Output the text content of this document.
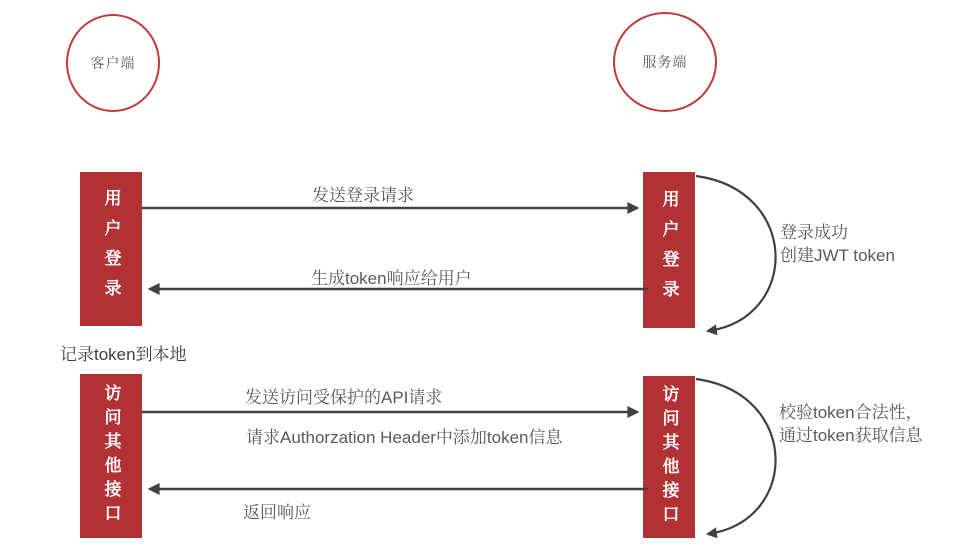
客户端	服务端
用户登录	用户登录
访问其他接口	访问其他接口
发送登录请求
生成token响应给用户
记录token到本地
发送访问受保护的API请求
请求Authorzation Header中添加token信息
返回响应
登录成功
创建JWT token
校验token合法性，
通过token获取信息
